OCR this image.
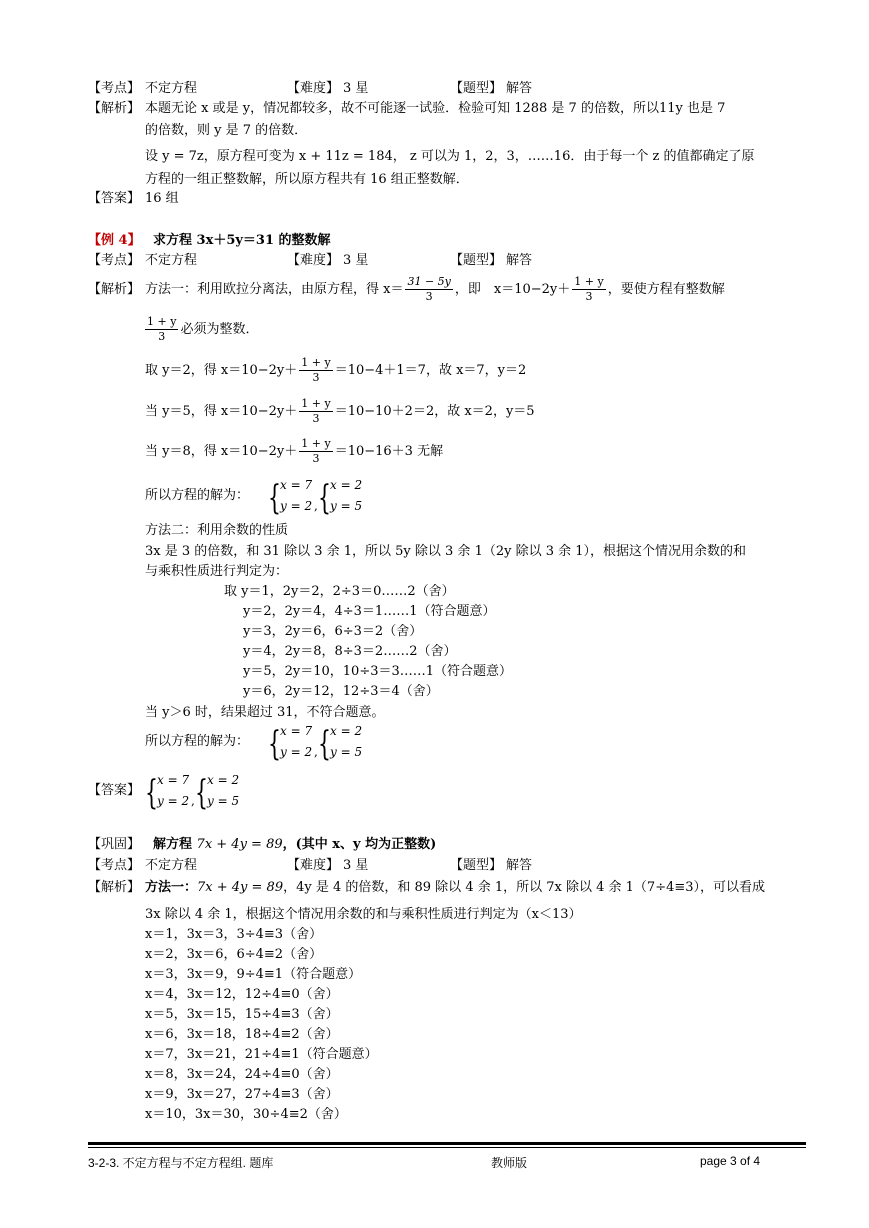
【考点】 不定方程	【难度】 3 星	【题型】 解答
【解析】 本题无论 x 或是 y，情况都较多，故不可能逐一试验．检验可知 1288 是 7 的倍数，所以11y 也是 7
的倍数，则 y 是 7 的倍数．
设 y = 7z，原方程可变为 x + 11z = 184， z 可以为 1，2，3，……16．由于每一个 z 的值都确定了原
方程的一组正整数解，所以原方程共有 16 组正整数解．
【答案】 16 组
【例 4】 求方程 3x＋5y＝31 的整数解
【考点】 不定方程	【难度】 3 星	【题型】 解答
【解析】 方法一：利用欧拉分离法，由原方程，得 $x= \frac{31 - 5y}{3}$ ，即　$x=10-2y+ \frac{1 + y}{3}$ ，要使方程有整数解
$\frac{1 + y}{3}$ 必须为整数．
取 y＝2，得 $x=10-2y+ \frac{1 + y}{3} =10-4+1=7$，故 x＝7，y＝2
当 y＝5，得 $x=10-2y+ \frac{1 + y}{3} =10-10+2=2$，故 x＝2，y＝5
当 y＝8，得 $x=10-2y+ \frac{1 + y}{3} =10-16+3$ 无解
所以方程的解为： { x = 7
y = 2 , { x = 2
y = 5
方法二：利用余数的性质
3x 是 3 的倍数，和 31 除以 3 余 1，所以 5y 除以 3 余 1（2y 除以 3 余 1），根据这个情况用余数的和
与乘积性质进行判定为：
取 y＝1，2y＝2，2÷3＝0……2（舍）
y＝2，2y＝4，4÷3＝1……1（符合题意）
y＝3，2y＝6，6÷3＝2（舍）
y＝4，2y＝8，8÷3＝2……2（舍）
y＝5，2y＝10，10÷3＝3……1（符合题意）
y＝6，2y＝12，12÷3＝4（舍）
当 y＞6 时，结果超过 31，不符合题意。
所以方程的解为： { x = 7
y = 2 , { x = 2
y = 5
【答案】 { x = 7
y = 2 , { x = 2
y = 5
【巩固】 解方程 7x + 4y = 89，(其中 x、y 均为正整数)
【考点】 不定方程	【难度】 3 星	【题型】 解答
【解析】 方法一：7x + 4y = 89，4y 是 4 的倍数，和 89 除以 4 余 1，所以 7x 除以 4 余 1（7÷4≡3），可以看成
3x 除以 4 余 1，根据这个情况用余数的和与乘积性质进行判定为（x＜13）
x＝1，3x＝3，3÷4≡3（舍）
x＝2，3x＝6，6÷4≡2（舍）
x＝3，3x＝9，9÷4≡1（符合题意）
x＝4，3x＝12，12÷4≡0（舍）
x＝5，3x＝15，15÷4≡3（舍）
x＝6，3x＝18，18÷4≡2（舍）
x＝7，3x＝21，21÷4≡1（符合题意）
x＝8，3x＝24，24÷4≡0（舍）
x＝9，3x＝27，27÷4≡3（舍）
x＝10，3x＝30，30÷4≡2（舍）
3-2-3. 不定方程与不定方程组. 题库	教师版	page 3 of 4
